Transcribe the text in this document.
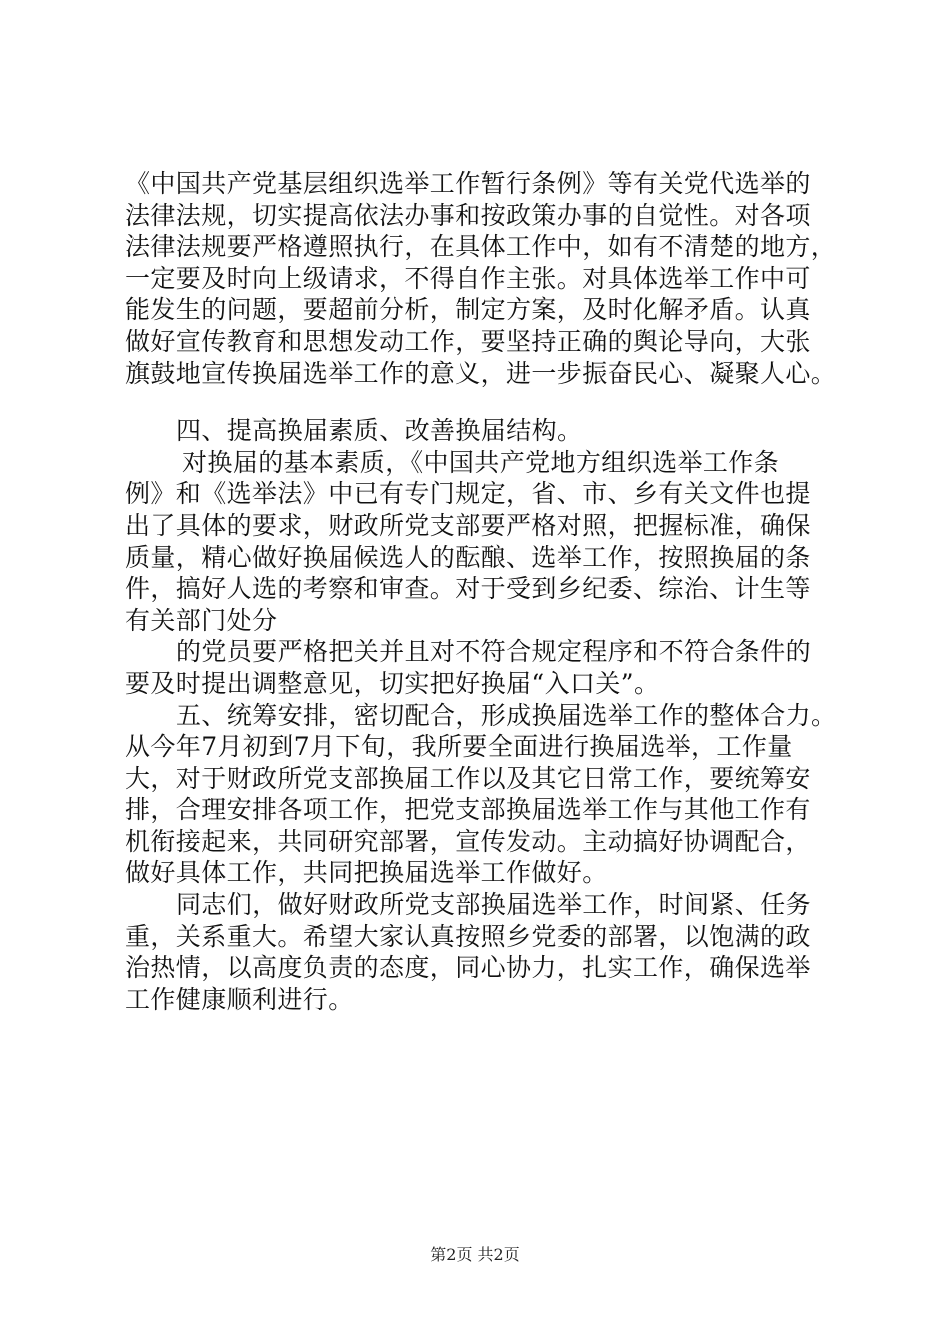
《中国共产党基层组织选举工作暂行条例》等有关党代选举的
法律法规，切实提高依法办事和按政策办事的自觉性。对各项
法律法规要严格遵照执行，在具体工作中，如有不清楚的地方，
一定要及时向上级请求，不得自作主张。对具体选举工作中可
能发生的问题，要超前分析，制定方案，及时化解矛盾。认真
做好宣传教育和思想发动工作，要坚持正确的舆论导向，大张
旗鼓地宣传换届选举工作的意义，进一步振奋民心、凝聚人心。
四、提高换届素质、改善换届结构。
对换届的基本素质，《中国共产党地方组织选举工作条
例》和《选举法》中已有专门规定，省、市、乡有关文件也提
出了具体的要求，财政所党支部要严格对照，把握标准，确保
质量，精心做好换届候选人的酝酿、选举工作，按照换届的条
件，搞好人选的考察和审查。对于受到乡纪委、综治、计生等
有关部门处分
的党员要严格把关并且对不符合规定程序和不符合条件的
要及时提出调整意见，切实把好换届“入口关”。
五、统筹安排，密切配合，形成换届选举工作的整体合力。
从今年7月初到7月下旬，我所要全面进行换届选举，工作量
大，对于财政所党支部换届工作以及其它日常工作，要统筹安
排，合理安排各项工作，把党支部换届选举工作与其他工作有
机衔接起来，共同研究部署，宣传发动。主动搞好协调配合，
做好具体工作，共同把换届选举工作做好。
同志们，做好财政所党支部换届选举工作，时间紧、任务
重，关系重大。希望大家认真按照乡党委的部署，以饱满的政
治热情，以高度负责的态度，同心协力，扎实工作，确保选举
工作健康顺利进行。
第2页 共2页
